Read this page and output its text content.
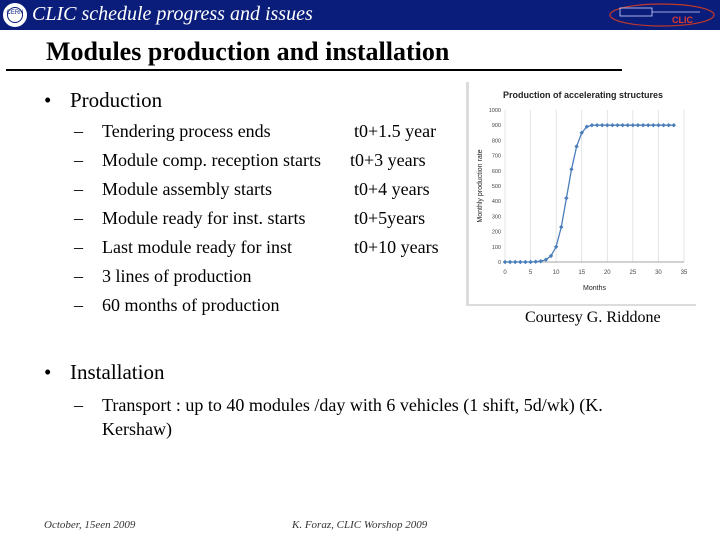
CERN CLIC schedule progress and issues	CLIC
Modules production and installation
• Production
– Tendering process ends	t0+1.5 year
– Module comp. reception starts t0+3 years
– Module assembly starts	t0+4 years
– Module ready for inst. starts	t0+5years
– Last module ready for inst	t0+10 years
– 3 lines of production
– 60 months of production
Production of accelerating structures
0	5	10	15	20	25	30	35
0
100
200
300
400
500
600
700
800
900
1000
Months
Monthly production rate
Courtesy G. Riddone
• Installation
– Transport : up to 40 modules /day with 6 vehicles (1 shift, 5d/wk) (K. Kershaw)
October, 15een 2009	K. Foraz, CLIC Worshop 2009
